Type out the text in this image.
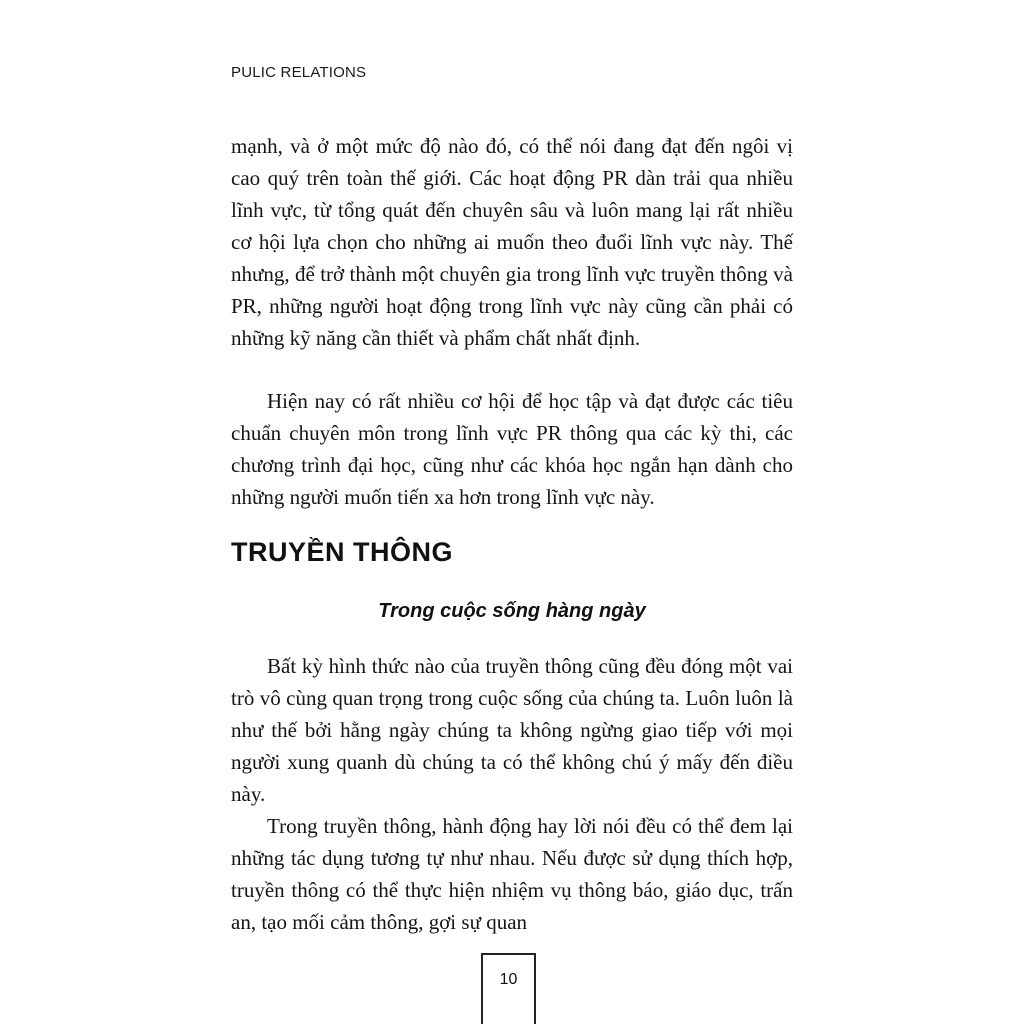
PULIC RELATIONS

mạnh, và ở một mức độ nào đó, có thể nói đang đạt đến ngôi vị cao quý trên toàn thế giới. Các hoạt động PR dàn trải qua nhiều lĩnh vực, từ tổng quát đến chuyên sâu và luôn mang lại rất nhiều cơ hội lựa chọn cho những ai muốn theo đuổi lĩnh vực này. Thế nhưng, để trở thành một chuyên gia trong lĩnh vực truyền thông và PR, những người hoạt động trong lĩnh vực này cũng cần phải có những kỹ năng cần thiết và phẩm chất nhất định.

Hiện nay có rất nhiều cơ hội để học tập và đạt được các tiêu chuẩn chuyên môn trong lĩnh vực PR thông qua các kỳ thi, các chương trình đại học, cũng như các khóa học ngắn hạn dành cho những người muốn tiến xa hơn trong lĩnh vực này.

TRUYỀN THÔNG
Trong cuộc sống hàng ngày

Bất kỳ hình thức nào của truyền thông cũng đều đóng một vai trò vô cùng quan trọng trong cuộc sống của chúng ta. Luôn luôn là như thế bởi hằng ngày chúng ta không ngừng giao tiếp với mọi người xung quanh dù chúng ta có thể không chú ý mấy đến điều này.

Trong truyền thông, hành động hay lời nói đều có thể đem lại những tác dụng tương tự như nhau. Nếu được sử dụng thích hợp, truyền thông có thể thực hiện nhiệm vụ thông báo, giáo dục, trấn an, tạo mối cảm thông, gợi sự quan

10
